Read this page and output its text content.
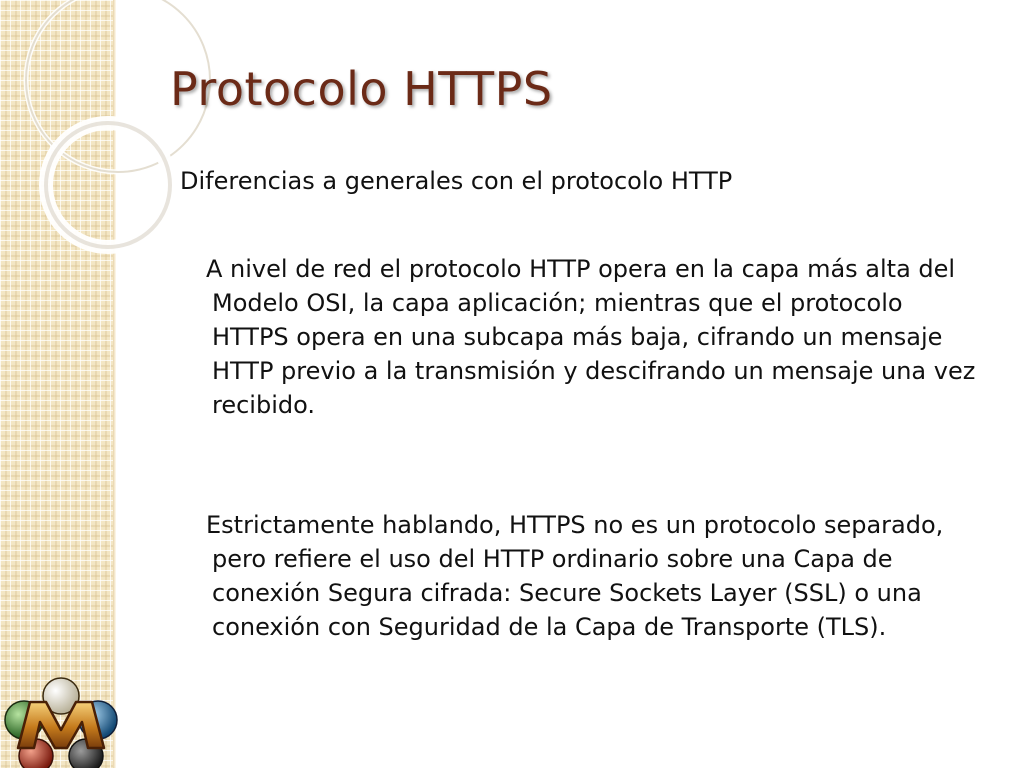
Protocolo HTTPS

Diferencias a generales con el protocolo HTTP

A nivel de red el protocolo HTTP opera en la capa más alta del Modelo OSI, la capa aplicación; mientras que el protocolo HTTPS opera en una subcapa más baja, cifrando un mensaje HTTP previo a la transmisión y descifrando un mensaje una vez recibido.

Estrictamente hablando, HTTPS no es un protocolo separado, pero refiere el uso del HTTP ordinario sobre una Capa de conexión Segura cifrada: Secure Sockets Layer (SSL) o una conexión con Seguridad de la Capa de Transporte (TLS).
